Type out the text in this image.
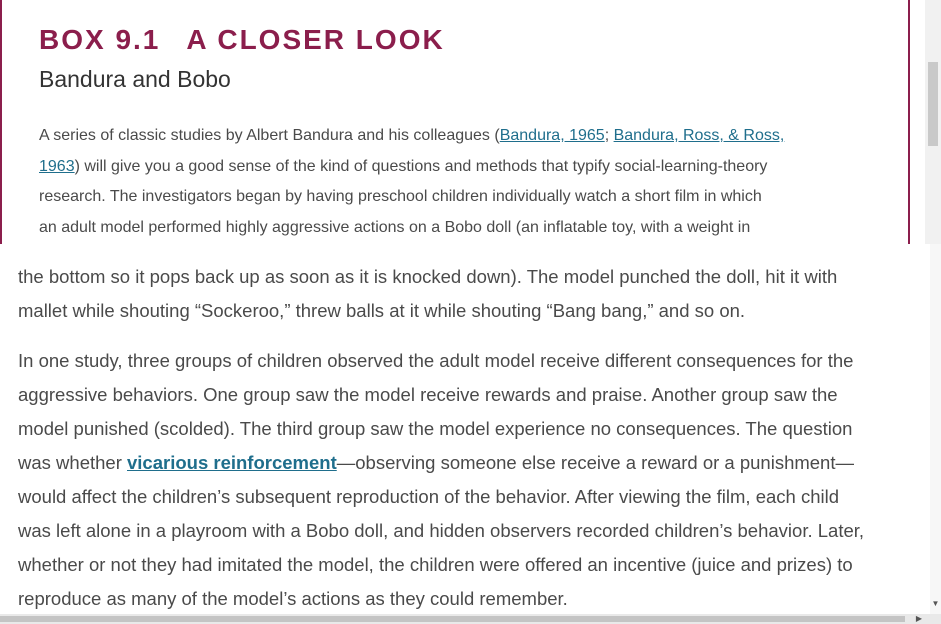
BOX 9.1 A CLOSER LOOK
Bandura and Bobo

A series of classic studies by Albert Bandura and his colleagues (Bandura, 1965; Bandura, Ross, & Ross,
1963) will give you a good sense of the kind of questions and methods that typify social-learning-theory
research. The investigators began by having preschool children individually watch a short film in which
an adult model performed highly aggressive actions on a Bobo doll (an inflatable toy, with a weight in

the bottom so it pops back up as soon as it is knocked down). The model punched the doll, hit it with
mallet while shouting “Sockeroo,” threw balls at it while shouting “Bang bang,” and so on.

In one study, three groups of children observed the adult model receive different consequences for the
aggressive behaviors. One group saw the model receive rewards and praise. Another group saw the
model punished (scolded). The third group saw the model experience no consequences. The question
was whether vicarious reinforcement—observing someone else receive a reward or a punishment—
would affect the children’s subsequent reproduction of the behavior. After viewing the film, each child
was left alone in a playroom with a Bobo doll, and hidden observers recorded children’s behavior. Later,
whether or not they had imitated the model, the children were offered an incentive (juice and prizes) to
reproduce as many of the model’s actions as they could remember.	▼
▶
